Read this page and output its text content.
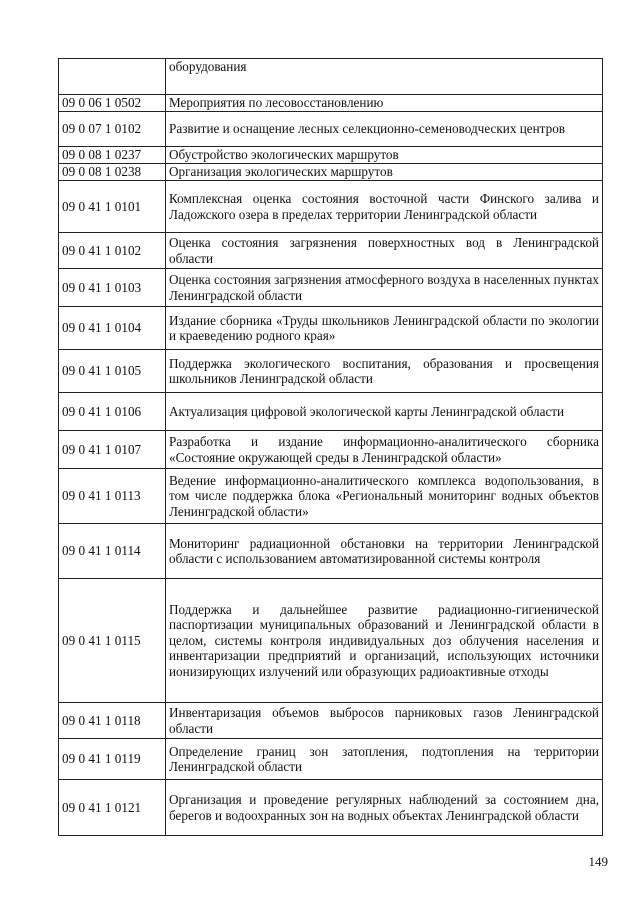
	оборудования
09 0 06 1 0502	Мероприятия по лесовосстановлению
09 0 07 1 0102	Развитие и оснащение лесных селекционно-семеноводческих центров
09 0 08 1 0237	Обустройство экологических маршрутов
09 0 08 1 0238	Организация экологических маршрутов
09 0 41 1 0101	Комплексная оценка состояния восточной части Финского залива и Ладожского озера в пределах территории Ленинградской области
09 0 41 1 0102	Оценка состояния загрязнения поверхностных вод в Ленинградской области
09 0 41 1 0103	Оценка состояния загрязнения атмосферного воздуха в населенных пунктах Ленинградской области
09 0 41 1 0104	Издание сборника «Труды школьников Ленинградской области по экологии и краеведению родного края»
09 0 41 1 0105	Поддержка экологического воспитания, образования и просвещения школьников Ленинградской области
09 0 41 1 0106	Актуализация цифровой экологической карты Ленинградской области
09 0 41 1 0107	Разработка и издание информационно-аналитического сборника «Состояние окружающей среды в Ленинградской области»
09 0 41 1 0113	Ведение информационно-аналитического комплекса водопользования, в том числе поддержка блока «Региональный мониторинг водных объектов Ленинградской области»
09 0 41 1 0114	Мониторинг радиационной обстановки на территории Ленинградской области с использованием автоматизированной системы контроля
09 0 41 1 0115	Поддержка и дальнейшее развитие радиационно-гигиенической паспортизации муниципальных образований и Ленинградской области в целом, системы контроля индивидуальных доз облучения населения и инвентаризации предприятий и организаций, использующих источники ионизирующих излучений или образующих радиоактивные отходы
09 0 41 1 0118	Инвентаризация объемов выбросов парниковых газов Ленинградской области
09 0 41 1 0119	Определение границ зон затопления, подтопления на территории Ленинградской области
09 0 41 1 0121	Организация и проведение регулярных наблюдений за состоянием дна, берегов и водоохранных зон на водных объектах Ленинградской области
149
